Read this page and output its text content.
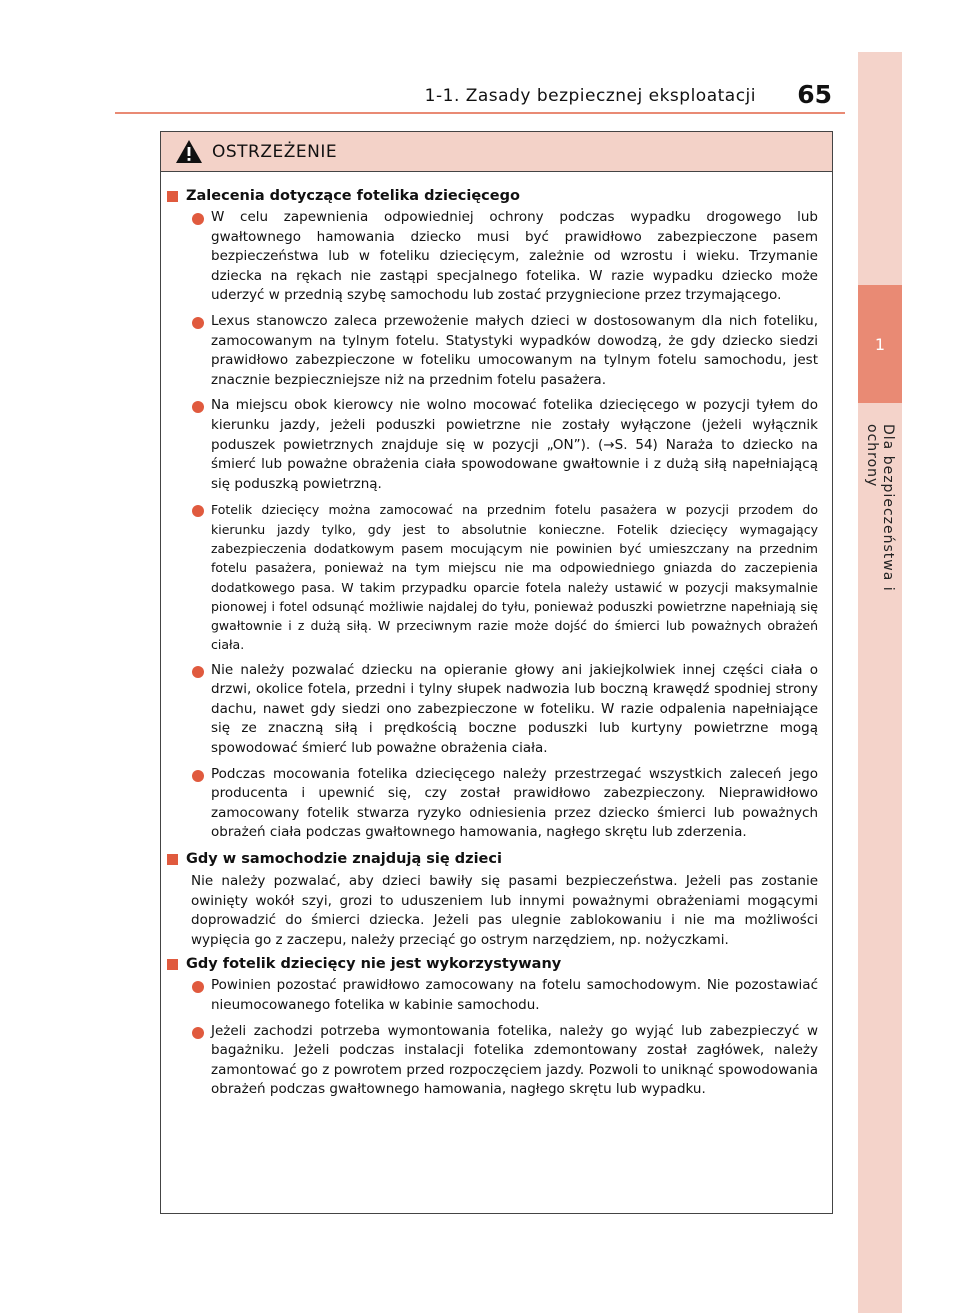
1
Dla bezpieczeństwa i ochrony
1-1. Zasady bezpiecznej eksploatacji 65
OSTRZEŻENIE
Zalecenia dotyczące fotelika dziecięcego
W celu zapewnienia odpowiedniej ochrony podczas wypadku drogowego lub gwałtownego hamowania dziecko musi być prawidłowo zabezpieczone pasem bezpieczeństwa lub w foteliku dziecięcym, zależnie od wzrostu i wieku. Trzymanie dziecka na rękach nie zastąpi specjalnego fotelika. W razie wypadku dziecko może uderzyć w przednią szybę samochodu lub zostać przygniecione przez trzymającego.
Lexus stanowczo zaleca przewożenie małych dzieci w dostosowanym dla nich foteliku, zamocowanym na tylnym fotelu. Statystyki wypadków dowodzą, że gdy dziecko siedzi prawidłowo zabezpieczone w foteliku umocowanym na tylnym fotelu samochodu, jest znacznie bezpieczniejsze niż na przednim fotelu pasażera.
Na miejscu obok kierowcy nie wolno mocować fotelika dziecięcego w pozycji tyłem do kierunku jazdy, jeżeli poduszki powietrzne nie zostały wyłączone (jeżeli wyłącznik poduszek powietrznych znajduje się w pozycji „ON”). (→S. 54) Naraża to dziecko na śmierć lub poważne obrażenia ciała spowodowane gwałtownie i z dużą siłą napełniającą się poduszką powietrzną.
Fotelik dziecięcy można zamocować na przednim fotelu pasażera w pozycji przodem do kierunku jazdy tylko, gdy jest to absolutnie konieczne. Fotelik dziecięcy wymagający zabezpieczenia dodatkowym pasem mocującym nie powinien być umieszczany na przednim fotelu pasażera, ponieważ na tym miejscu nie ma odpowiedniego gniazda do zaczepienia dodatkowego pasa. W takim przypadku oparcie fotela należy ustawić w pozycji maksymalnie pionowej i fotel odsunąć możliwie najdalej do tyłu, ponieważ poduszki powietrzne napełniają się gwałtownie i z dużą siłą. W przeciwnym razie może dojść do śmierci lub poważnych obrażeń ciała.
Nie należy pozwalać dziecku na opieranie głowy ani jakiejkolwiek innej części ciała o drzwi, okolice fotela, przedni i tylny słupek nadwozia lub boczną krawędź spodniej strony dachu, nawet gdy siedzi ono zabezpieczone w foteliku. W razie odpalenia napełniające się ze znaczną siłą i prędkością boczne poduszki lub kurtyny powietrzne mogą spowodować śmierć lub poważne obrażenia ciała.
Podczas mocowania fotelika dziecięcego należy przestrzegać wszystkich zaleceń jego producenta i upewnić się, czy został prawidłowo zabezpieczony. Nieprawidłowo zamocowany fotelik stwarza ryzyko odniesienia przez dziecko śmierci lub poważnych obrażeń ciała podczas gwałtownego hamowania, nagłego skrętu lub zderzenia.
Gdy w samochodzie znajdują się dzieci
Nie należy pozwalać, aby dzieci bawiły się pasami bezpieczeństwa. Jeżeli pas zostanie owinięty wokół szyi, grozi to uduszeniem lub innymi poważnymi obrażeniami mogącymi doprowadzić do śmierci dziecka. Jeżeli pas ulegnie zablokowaniu i nie ma możliwości wypięcia go z zaczepu, należy przeciąć go ostrym narzędziem, np. nożyczkami.
Gdy fotelik dziecięcy nie jest wykorzystywany
Powinien pozostać prawidłowo zamocowany na fotelu samochodowym. Nie pozostawiać nieumocowanego fotelika w kabinie samochodu.
Jeżeli zachodzi potrzeba wymontowania fotelika, należy go wyjąć lub zabezpieczyć w bagażniku. Jeżeli podczas instalacji fotelika zdemontowany został zagłówek, należy zamontować go z powrotem przed rozpoczęciem jazdy. Pozwoli to uniknąć spowodowania obrażeń podczas gwałtownego hamowania, nagłego skrętu lub wypadku.
